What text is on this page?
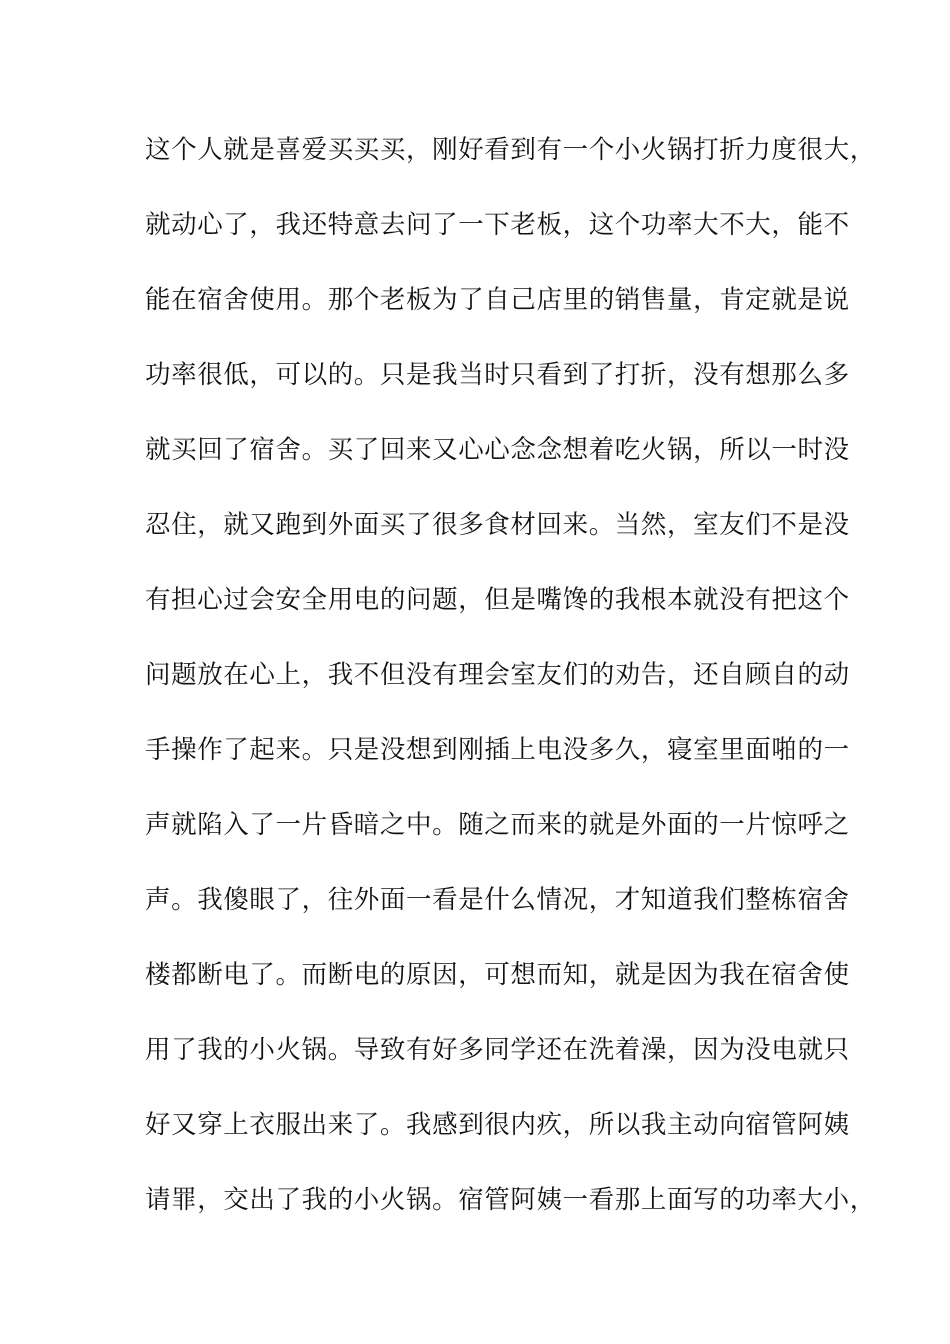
这个人就是喜爱买买买，刚好看到有一个小火锅打折力度很大，
就动心了，我还特意去问了一下老板，这个功率大不大，能不
能在宿舍使用。那个老板为了自己店里的销售量，肯定就是说
功率很低，可以的。只是我当时只看到了打折，没有想那么多
就买回了宿舍。买了回来又心心念念想着吃火锅，所以一时没
忍住，就又跑到外面买了很多食材回来。当然，室友们不是没
有担心过会安全用电的问题，但是嘴馋的我根本就没有把这个
问题放在心上，我不但没有理会室友们的劝告，还自顾自的动
手操作了起来。只是没想到刚插上电没多久，寝室里面啪的一
声就陷入了一片昏暗之中。随之而来的就是外面的一片惊呼之
声。我傻眼了，往外面一看是什么情况，才知道我们整栋宿舍
楼都断电了。而断电的原因，可想而知，就是因为我在宿舍使
用了我的小火锅。导致有好多同学还在洗着澡，因为没电就只
好又穿上衣服出来了。我感到很内疚，所以我主动向宿管阿姨
请罪，交出了我的小火锅。宿管阿姨一看那上面写的功率大小，
